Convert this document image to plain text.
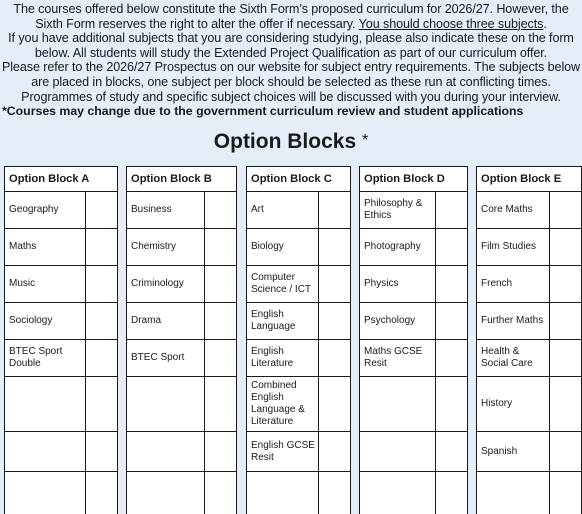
The courses offered below constitute the Sixth Form’s proposed curriculum for 2026/27. However, the
Sixth Form reserves the right to alter the offer if necessary. You should choose three subjects.
If you have additional subjects that you are considering studying, please also indicate these on the form
below. All students will study the Extended Project Qualification as part of our curriculum offer.
Please refer to the 2026/27 Prospectus on our website for subject entry requirements. The subjects below
are placed in blocks, one subject per block should be selected as these run at conflicting times.
Programmes of study and specific subject choices will be discussed with you during your interview.
*Courses may change due to the government curriculum review and student applications
Option Blocks *
Option Block A
Geography
Maths
Music
Sociology
BTEC Sport Double
Option Block B
Business
Chemistry
Criminology
Drama
BTEC Sport
Option Block C
Art
Biology
Computer Science / ICT
English Language
English Literature
Combined English Language & Literature
English GCSE Resit
Option Block D
Philosophy & Ethics
Photography
Physics
Psychology
Maths GCSE Resit
Option Block E
Core Maths
Film Studies
French
Further Maths
Health & Social Care
History
Spanish
